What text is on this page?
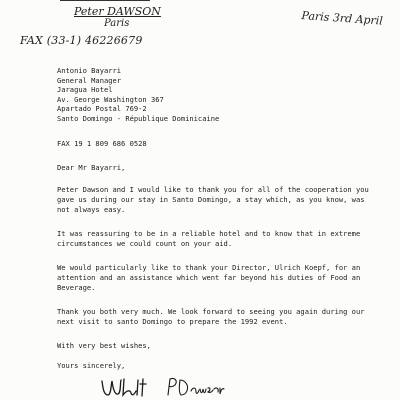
Peter DAWSON
Paris
FAX (33-1) 46226679
Paris 3rd April
Antonio Bayarri
General Manager
Jaragua Hotel
Av. George Washington 367
Apartado Postal 769-2
Santo Domingo - République Dominicaine
FAX 19 1 809 686 0528
Dear Mr Bayarri,
Peter Dawson and I would like to thank you for all of the cooperation you
gave us during our stay in Santo Domingo, a stay which, as you know, was
not always easy.
It was reassuring to be in a reliable hotel and to know that in extreme
circumstances we could count on your aid.
We would particularly like to thank your Director, Ulrich Koepf, for an
attention and an assistance which went far beyond his duties of Food an
Beverage.
Thank you both very much. We look forward to seeing you again during our
next visit to santo Domingo to prepare the 1992 event.
With very best wishes,
Yours sincerely,
